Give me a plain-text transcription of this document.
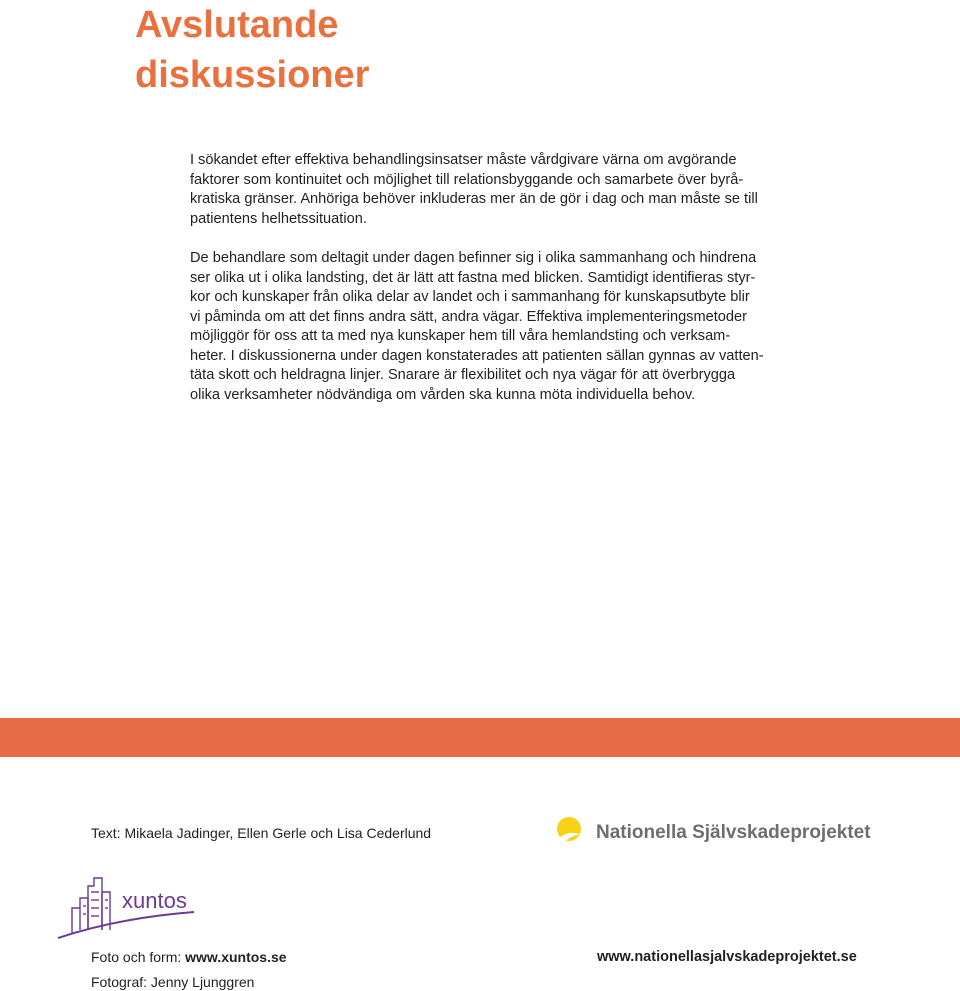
Avslutande
diskussioner

I sökandet efter effektiva behandlingsinsatser måste vårdgivare värna om avgörande
faktorer som kontinuitet och möjlighet till relationsbyggande och samarbete över byrå-
kratiska gränser. Anhöriga behöver inkluderas mer än de gör i dag och man måste se till
patientens helhetssituation.

De behandlare som deltagit under dagen befinner sig i olika sammanhang och hindrena
ser olika ut i olika landsting, det är lätt att fastna med blicken. Samtidigt identifieras styr-
kor och kunskaper från olika delar av landet och i sammanhang för kunskapsutbyte blir
vi påminda om att det finns andra sätt, andra vägar. Effektiva implementeringsmetoder
möjliggör för oss att ta med nya kunskaper hem till våra hemlandsting och verksam-
heter. I diskussionerna under dagen konstaterades att patienten sällan gynnas av vatten-
täta skott och heldragna linjer. Snarare är flexibilitet och nya vägar för att överbrygga
olika verksamheter nödvändiga om vården ska kunna möta individuella behov.

Text: Mikaela Jadinger, Ellen Gerle och Lisa Cederlund	Nationella Självskadeprojektet
xuntos
Foto och form: www.xuntos.se
Fotograf: Jenny Ljunggren
www.nationellasjalvskadeprojektet.se
